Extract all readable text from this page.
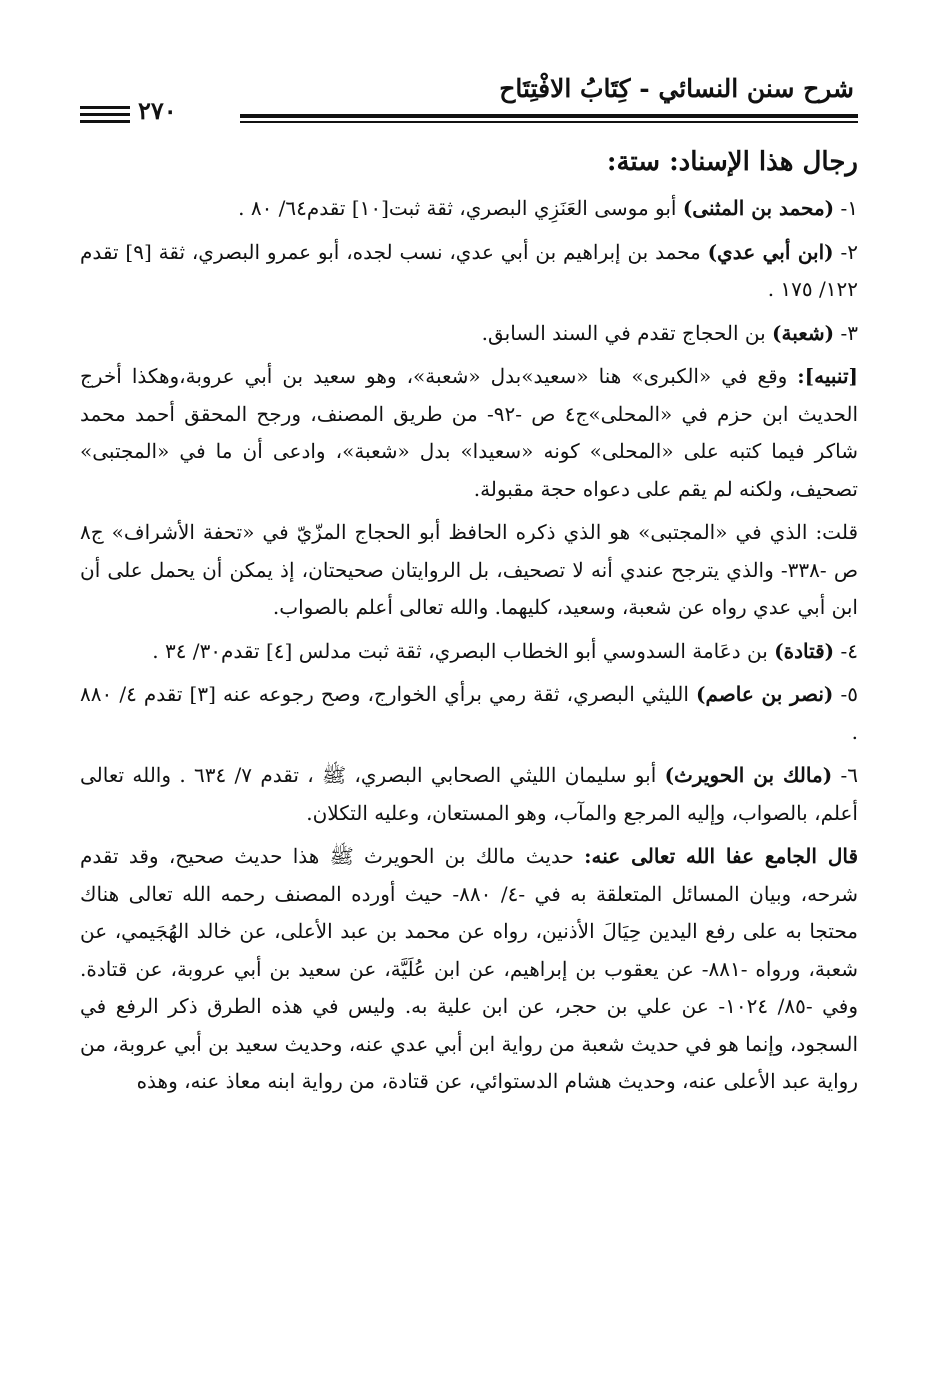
شرح سنن النسائي - كِتَابُ الافْتِتَاح
٢٧٠
رجال هذا الإسناد: ستة:

١- (محمد بن المثنى) أبو موسى العَنَزِي البصري، ثقة ثبت[١٠] تقدم٦٤/ ٨٠ .

٢- (ابن أبي عدي) محمد بن إبراهيم بن أبي عدي، نسب لجده، أبو عمرو البصري، ثقة [٩] تقدم ١٢٢/ ١٧٥ .

٣- (شعبة) بن الحجاج تقدم في السند السابق.

[تنبيه]: وقع في «الكبرى» هنا «سعيد»بدل «شعبة»، وهو سعيد بن أبي عروبة،وهكذا أخرج الحديث ابن حزم في «المحلى»ج٤ ص -٩٢- من طريق المصنف، ورجح المحقق أحمد محمد شاكر فيما كتبه على «المحلى» كونه «سعيدا» بدل «شعبة»، وادعى أن ما في «المجتبى» تصحيف، ولكنه لم يقم على دعواه حجة مقبولة.

قلت: الذي في «المجتبى» هو الذي ذكره الحافظ أبو الحجاج المزّيّ في «تحفة الأشراف» ج٨ ص -٣٣٨- والذي يترجح عندي أنه لا تصحيف، بل الروايتان صحيحتان، إذ يمكن أن يحمل على أن ابن أبي عدي رواه عن شعبة، وسعيد، كليهما. والله تعالى أعلم بالصواب.

٤- (قتادة) بن دعَامة السدوسي أبو الخطاب البصري، ثقة ثبت مدلس [٤] تقدم٣٠/ ٣٤ .

٥- (نصر بن عاصم) الليثي البصري، ثقة رمي برأي الخوارج، وصح رجوعه عنه [٣] تقدم ٤/ ٨٨٠ .

٦- (مالك بن الحويرث) أبو سليمان الليثي الصحابي البصري، ﷺ ، تقدم ٧/ ٦٣٤ . والله تعالى أعلم، بالصواب، وإليه المرجع والمآب، وهو المستعان، وعليه التكلان.

قال الجامع عفا الله تعالى عنه: حديث مالك بن الحويرث ﷺ هذا حديث صحيح، وقد تقدم شرحه، وبيان المسائل المتعلقة به في -٤/ ٨٨٠- حيث أورده المصنف رحمه الله تعالى هناك محتجا به على رفع اليدين حِيَالَ الأذنين، رواه عن محمد بن عبد الأعلى، عن خالد الهُجَيمي، عن شعبة، ورواه -٨٨١- عن يعقوب بن إبراهيم، عن ابن عُلَيَّة، عن سعيد بن أبي عروبة، عن قتادة. وفي -٨٥/ ١٠٢٤- عن علي بن حجر، عن ابن علية به. وليس في هذه الطرق ذكر الرفع في السجود، وإنما هو في حديث شعبة من رواية ابن أبي عدي عنه، وحديث سعيد بن أبي عروبة، من رواية عبد الأعلى عنه، وحديث هشام الدستوائي، عن قتادة، من رواية ابنه معاذ عنه، وهذه
